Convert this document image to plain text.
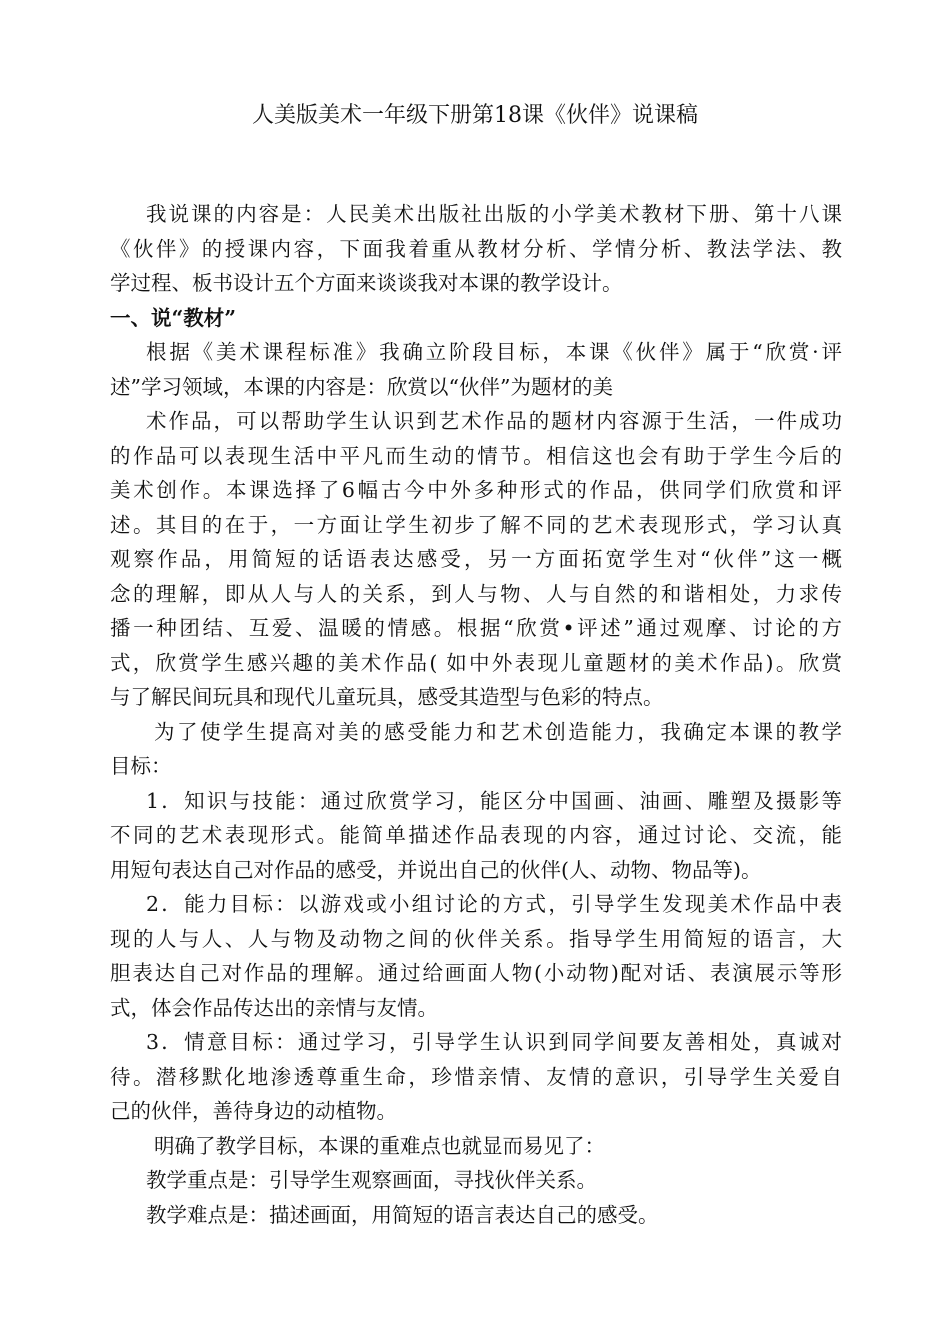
人美版美术一年级下册第18课《伙伴》说课稿
我说课的内容是：人民美术出版社出版的小学美术教材下册、第十八课
《伙伴》的授课内容，下面我着重从教材分析、学情分析、教法学法、教
学过程、板书设计五个方面来谈谈我对本课的教学设计。
一、说“教材”
根据《美术课程标准》我确立阶段目标，本课《伙伴》属于“欣赏·评
述”学习领域，本课的内容是：欣赏以“伙伴”为题材的美
术作品，可以帮助学生认识到艺术作品的题材内容源于生活，一件成功
的作品可以表现生活中平凡而生动的情节。相信这也会有助于学生今后的
美术创作。本课选择了6幅古今中外多种形式的作品，供同学们欣赏和评
述。其目的在于，一方面让学生初步了解不同的艺术表现形式，学习认真
观察作品，用简短的话语表达感受，另一方面拓宽学生对“伙伴”这一概
念的理解，即从人与人的关系，到人与物、人与自然的和谐相处，力求传
播一种团结、互爱、温暖的情感。根据“欣赏•评述”通过观摩、讨论的方
式，欣赏学生感兴趣的美术作品( 如中外表现儿童题材的美术作品)。欣赏
与了解民间玩具和现代儿童玩具，感受其造型与色彩的特点。
为了使学生提高对美的感受能力和艺术创造能力，我确定本课的教学
目标：
1．知识与技能：通过欣赏学习，能区分中国画、油画、雕塑及摄影等
不同的艺术表现形式。能简单描述作品表现的内容，通过讨论、交流，能
用短句表达自己对作品的感受，并说出自己的伙伴(人、动物、物品等)。
2．能力目标：以游戏或小组讨论的方式，引导学生发现美术作品中表
现的人与人、人与物及动物之间的伙伴关系。指导学生用简短的语言，大
胆表达自己对作品的理解。通过给画面人物(小动物)配对话、表演展示等形
式，体会作品传达出的亲情与友情。
3．情意目标：通过学习，引导学生认识到同学间要友善相处，真诚对
待。潜移默化地渗透尊重生命，珍惜亲情、友情的意识，引导学生关爱自
己的伙伴，善待身边的动植物。
明确了教学目标，本课的重难点也就显而易见了：
教学重点是：引导学生观察画面，寻找伙伴关系。
教学难点是：描述画面，用简短的语言表达自己的感受。
